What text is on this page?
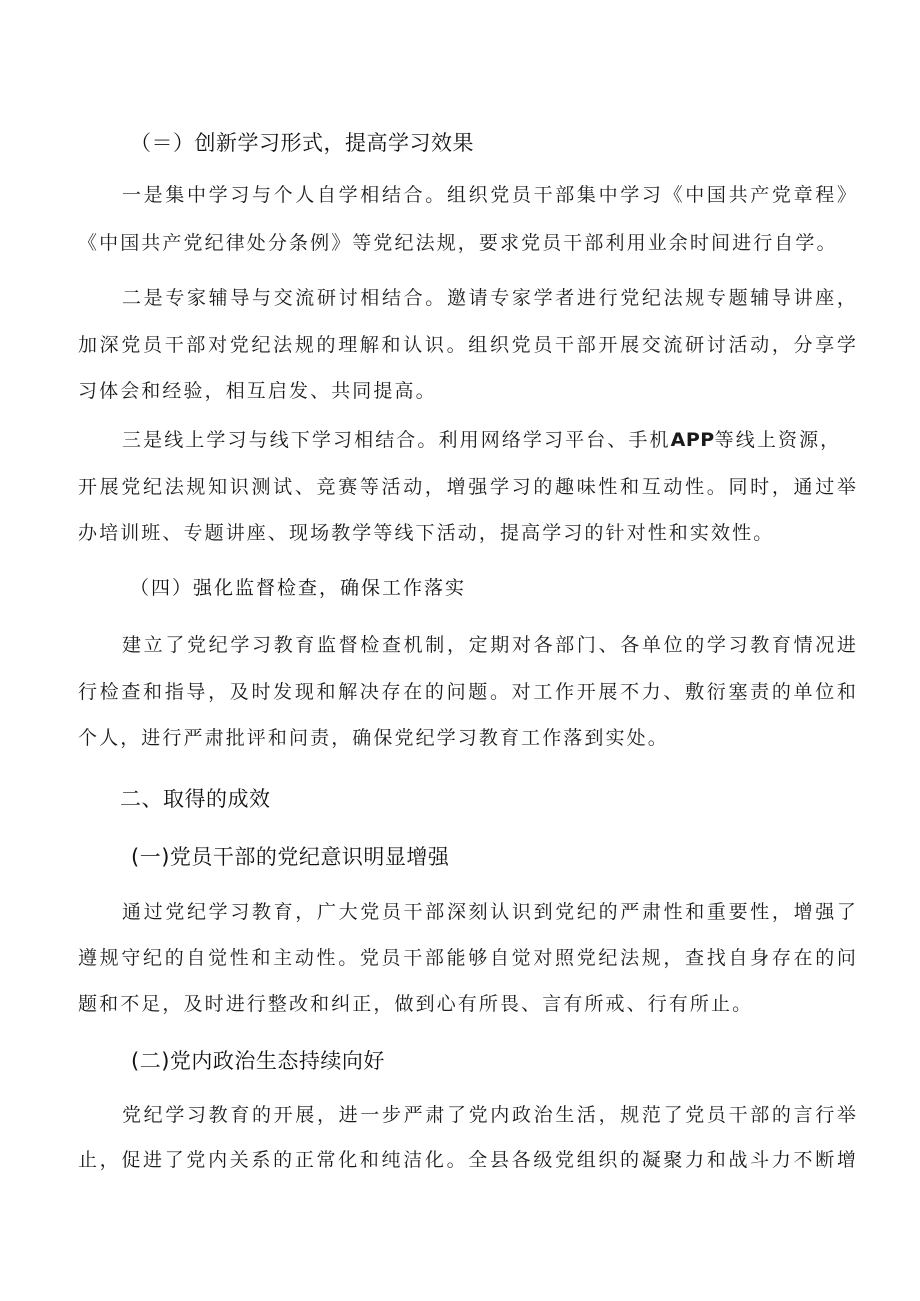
（＝）创新学习形式，提高学习效果
一是集中学习与个人自学相结合。组织党员干部集中学习《中国共产党章程》
《中国共产党纪律处分条例》等党纪法规，要求党员干部利用业余时间进行自学。
二是专家辅导与交流研讨相结合。邀请专家学者进行党纪法规专题辅导讲座，
加深党员干部对党纪法规的理解和认识。组织党员干部开展交流研讨活动，分享学
习体会和经验，相互启发、共同提高。
三是线上学习与线下学习相结合。利用网络学习平台、手机APP等线上资源，
开展党纪法规知识测试、竞赛等活动，增强学习的趣味性和互动性。同时，通过举
办培训班、专题讲座、现场教学等线下活动，提高学习的针对性和实效性。
（四）强化监督检查，确保工作落实
建立了党纪学习教育监督检查机制，定期对各部门、各单位的学习教育情况进
行检查和指导，及时发现和解决存在的问题。对工作开展不力、敷衍塞责的单位和
个人，进行严肃批评和问责，确保党纪学习教育工作落到实处。
二、取得的成效
(一)党员干部的党纪意识明显增强
通过党纪学习教育，广大党员干部深刻认识到党纪的严肃性和重要性，增强了
遵规守纪的自觉性和主动性。党员干部能够自觉对照党纪法规，查找自身存在的问
题和不足，及时进行整改和纠正，做到心有所畏、言有所戒、行有所止。
(二)党内政治生态持续向好
党纪学习教育的开展，进一步严肃了党内政治生活，规范了党员干部的言行举
止，促进了党内关系的正常化和纯洁化。全县各级党组织的凝聚力和战斗力不断增
